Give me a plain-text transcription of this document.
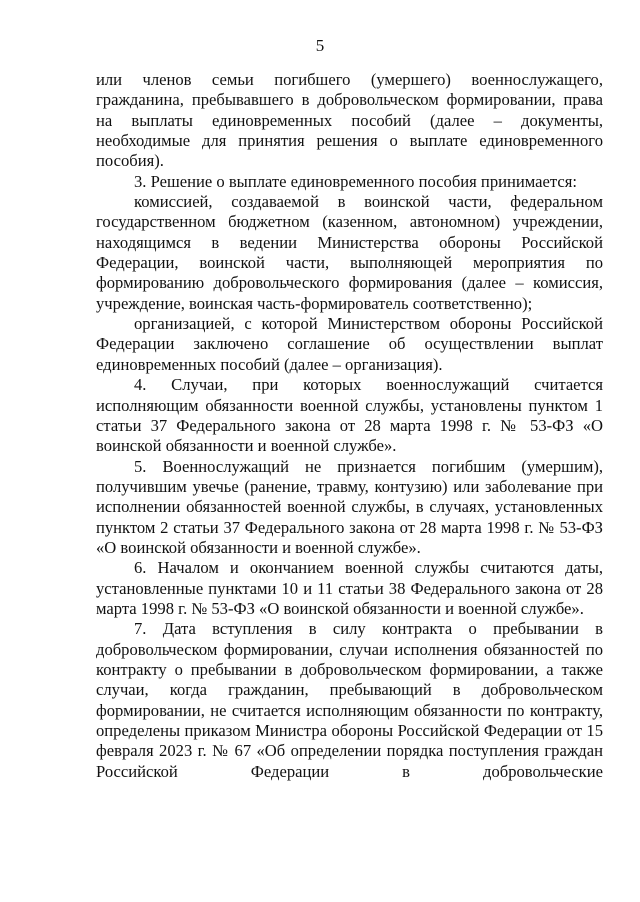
5

или членов семьи погибшего (умершего) военнослужащего, гражданина, пребывавшего в добровольческом формировании, права на выплаты единовременных пособий (далее – документы, необходимые для принятия решения о выплате единовременного пособия).

3. Решение о выплате единовременного пособия принимается:

комиссией, создаваемой в воинской части, федеральном государственном бюджетном (казенном, автономном) учреждении, находящимся в ведении Министерства обороны Российской Федерации, воинской части, выполняющей мероприятия по формированию добровольческого формирования (далее – комиссия, учреждение, воинская часть-формирователь соответственно);

организацией, с которой Министерством обороны Российской Федерации заключено соглашение об осуществлении выплат единовременных пособий (далее – организация).

4. Случаи, при которых военнослужащий считается исполняющим обязанности военной службы, установлены пунктом 1 статьи 37 Федерального закона от 28 марта 1998 г. № 53-ФЗ «О воинской обязанности и военной службе».

5. Военнослужащий не признается погибшим (умершим), получившим увечье (ранение, травму, контузию) или заболевание при исполнении обязанностей военной службы, в случаях, установленных пунктом 2 статьи 37 Федерального закона от 28 марта 1998 г. № 53-ФЗ «О воинской обязанности и военной службе».

6. Началом и окончанием военной службы считаются даты, установленные пунктами 10 и 11 статьи 38 Федерального закона от 28 марта 1998 г. № 53-ФЗ «О воинской обязанности и военной службе».

7. Дата вступления в силу контракта о пребывании в добровольческом формировании, случаи исполнения обязанностей по контракту о пребывании в добровольческом формировании, а также случаи, когда гражданин, пребывающий в добровольческом формировании, не считается исполняющим обязанности по контракту, определены приказом Министра обороны Российской Федерации от 15 февраля 2023 г. № 67 «Об определении порядка поступления граждан Российской Федерации в добровольческие
